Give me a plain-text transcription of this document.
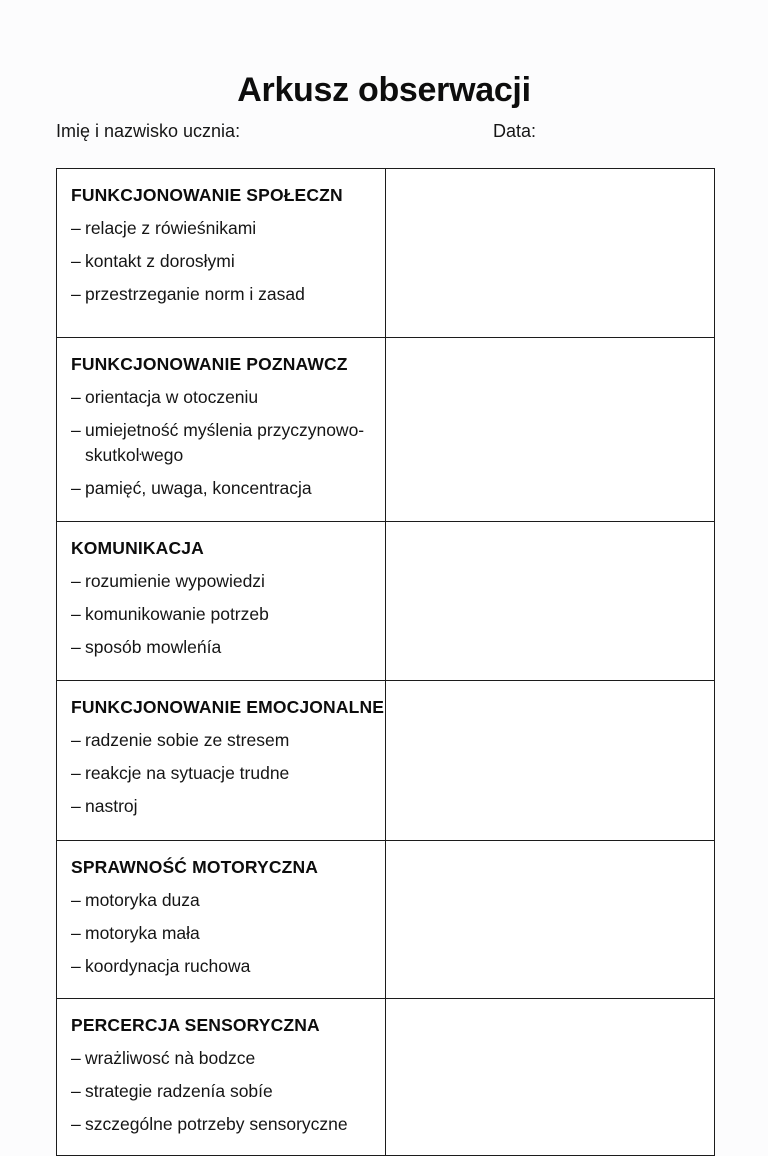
Arkusz obserwacji
Imię i nazwisko ucznia:	Data:
FUNKCJONOWANIE SPOŁECZN
– relacje z rówieśnikami
– kontakt z dorosłymi
– przestrzeganie norm i zasad

FUNKCJONOWANIE POZNAWCZ
– orientacja w otoczeniu
– umiejetność myślenia przyczynowo-skutkoŀwego
– pamięć, uwaga, koncentracja

KOMUNIKACJA
– rozumienie wypowiedzi
– komunikowanie potrzeb
– sposób mowleńía

FUNKCJONOWANIE EMOCJONALNE
– radzenie sobie ze stresem
– reakcje na sytuacje trudne
– nastroj

SPRAWNOŚĆ MOTORYCZNA
– motoryka duza
– motoryka mała
– koordynacja ruchowa

PERCERCJA SENSORYCZNA
– wrażliwosć nà bodzce
– strategie radzenía sobíe
– szczególne potrzeby sensoryczne
